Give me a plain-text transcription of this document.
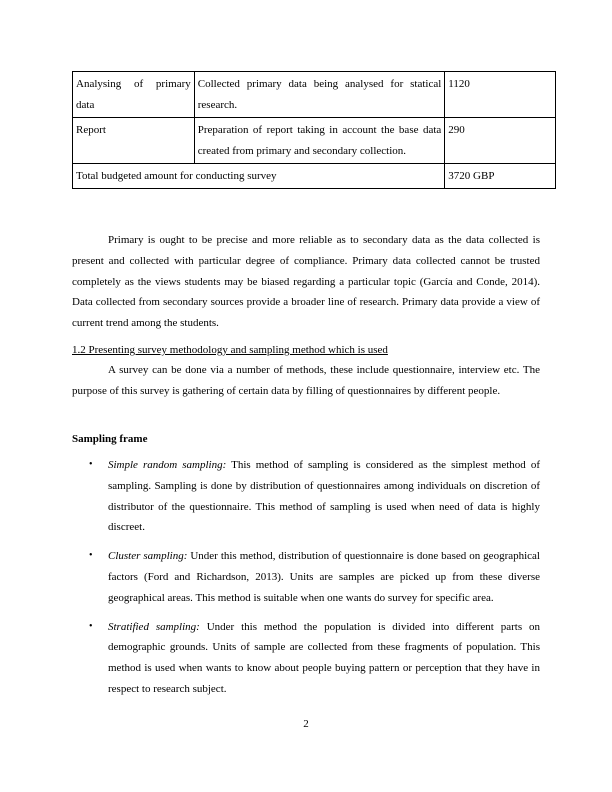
Analysing of primary data	Collected primary data being analysed for statical research.	1120
Report	Preparation of report taking in account the base data created from primary and secondary collection.	290
Total budgeted amount for conducting survey		3720 GBP

Primary is ought to be precise and more reliable as to secondary data as the data collected is present and collected with particular degree of compliance. Primary data collected cannot be trusted completely as the views students may be biased regarding a particular topic (García and Conde, 2014). Data collected from secondary sources provide a broader line of research. Primary data provide a view of current trend among the students.

1.2 Presenting survey methodology and sampling method which is used

A survey can be done via a number of methods, these include questionnaire, interview etc. The purpose of this survey is gathering of certain data by filling of questionnaires by different people.

Sampling frame

• Simple random sampling: This method of sampling is considered as the simplest method of sampling. Sampling is done by distribution of questionnaires among individuals on discretion of distributor of the questionnaire. This method of sampling is used when need of data is highly discreet.
• Cluster sampling: Under this method, distribution of questionnaire is done based on geographical factors (Ford and Richardson, 2013). Units are samples are picked up from these diverse geographical areas. This method is suitable when one wants do survey for specific area.
• Stratified sampling: Under this method the population is divided into different parts on demographic grounds. Units of sample are collected from these fragments of population. This method is used when wants to know about people buying pattern or perception that they have in respect to research subject.
2
